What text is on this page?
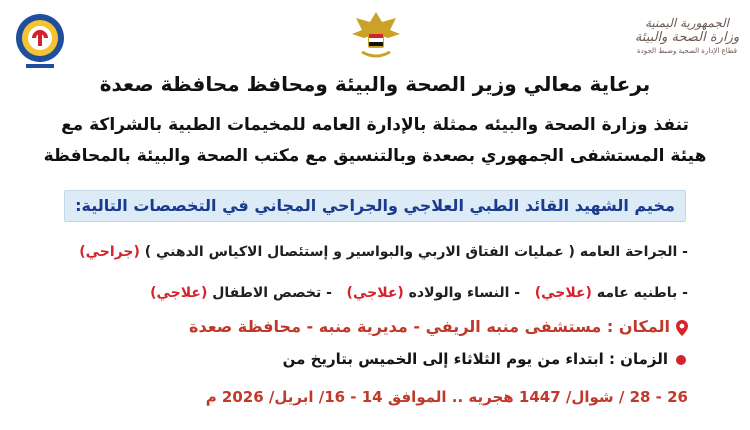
الجمهورية اليمنية
وزارة الصحة والبيئة
قطاع الإدارة الصحية وضبط الجودة
برعاية معالي وزير الصحة والبيئة ومحافظ محافظة صعدة
تنفذ وزارة الصحة والبيئه ممثلة بالإدارة العامه للمخيمات الطبية بالشراكة مع
هيئة المستشفى الجمهوري بصعدة وبالتنسيق مع مكتب الصحة والبيئة بالمحافظة
مخيم الشهيد القائد الطبي العلاجي والجراحي المجاني في التخصصات التالية:
- الجراحة العامه ( عمليات الفتاق الاربي والبواسير و إستئصال الاكياس الدهني ) (جراحي)
- باطنيه عامه (علاجي)   - النساء والولاده (علاجي)   - تخصص الاطفال (علاجي)
المكان : مستشفى منبه الريفي - مديرية منبه - محافظة صعدة
الزمان : ابتداء من يوم الثلاثاء إلى الخميس بتاريخ من
26 - 28 / شوال/ 1447 هجريه .. الموافق 14 - 16/ ابريل/ 2026 م
